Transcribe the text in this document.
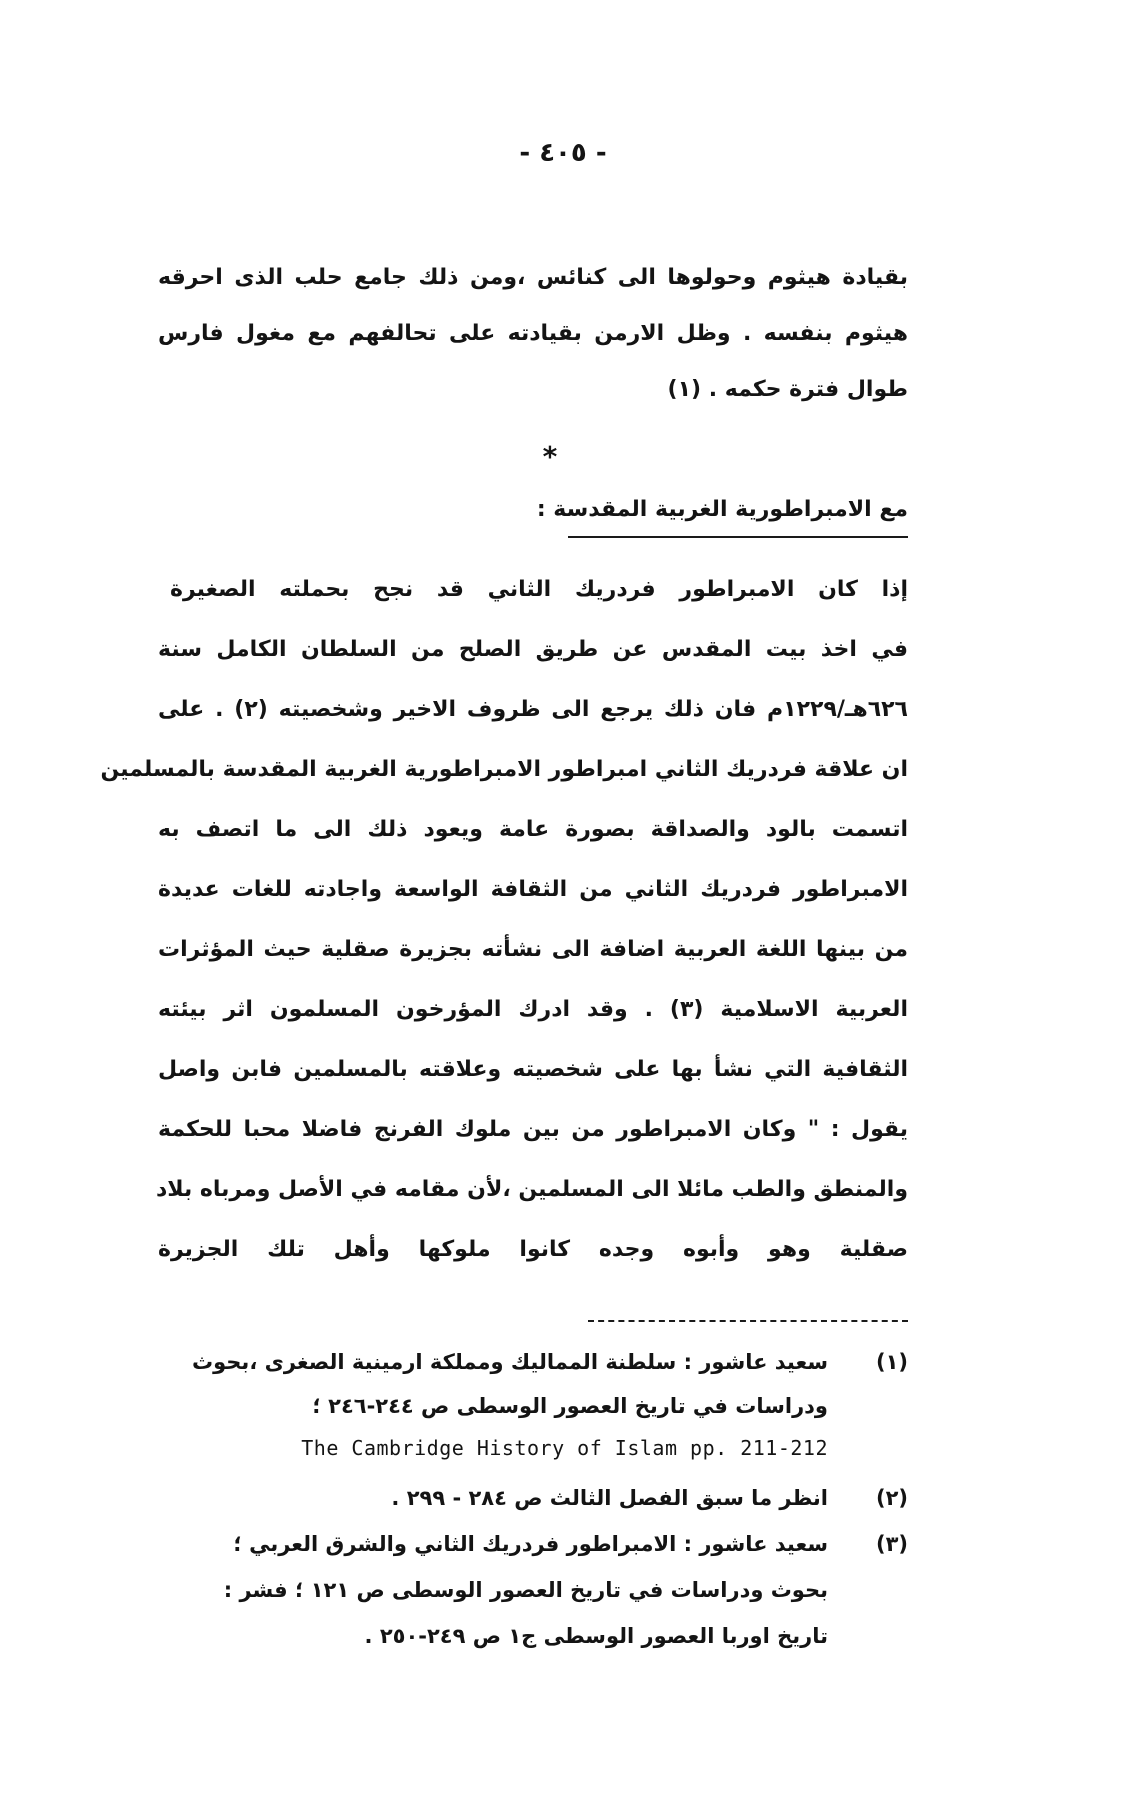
- ٤٠٥ -
بقيادة هيثوم وحولوها الى كنائس ،ومن ذلك جامع حلب الذى احرقه
هيثوم بنفسه . وظل الارمن بقيادته على تحالفهم مع مغول فارس
طوال فترة حكمه . (١)
*
مع الامبراطورية الغربية المقدسة :
إذا كان الامبراطور فردريك الثاني قد نجح بحملته الصغيرة
في اخذ بيت المقدس عن طريق الصلح من السلطان الكامل سنة
٦٢٦هـ/١٢٢٩م فان ذلك يرجع الى ظروف الاخير وشخصيته (٢) . على
ان علاقة فردريك الثاني امبراطور الامبراطورية الغربية المقدسة بالمسلمين
اتسمت بالود والصداقة بصورة عامة ويعود ذلك الى ما اتصف به
الامبراطور فردريك الثاني من الثقافة الواسعة واجادته للغات عديدة
من بينها اللغة العربية اضافة الى نشأته بجزيرة صقلية حيث المؤثرات
العربية الاسلامية (٣) . وقد ادرك المؤرخون المسلمون اثر بيئته
الثقافية التي نشأ بها على شخصيته وعلاقته بالمسلمين فابن واصل
يقول : " وكان الامبراطور من بين ملوك الفرنج فاضلا محبا للحكمة
والمنطق والطب مائلا الى المسلمين ،لأن مقامه في الأصل ومرباه بلاد
صقلية وهو وأبوه وجده كانوا ملوكها وأهل تلك الجزيرة
(١)
سعيد عاشور : سلطنة المماليك ومملكة ارمينية الصغرى ،بحوث
ودراسات في تاريخ العصور الوسطى ص ٢٤٤-٢٤٦ ؛
The Cambridge History of Islam pp. 211-212
(٢)
انظر ما سبق الفصل الثالث ص ٢٨٤ - ٢٩٩ .
(٣)
سعيد عاشور : الامبراطور فردريك الثاني والشرق العربي ؛
بحوث ودراسات في تاريخ العصور الوسطى ص ١٢١ ؛ فشر :
تاريخ اوربا العصور الوسطى ج١ ص ٢٤٩-٢٥٠ .
